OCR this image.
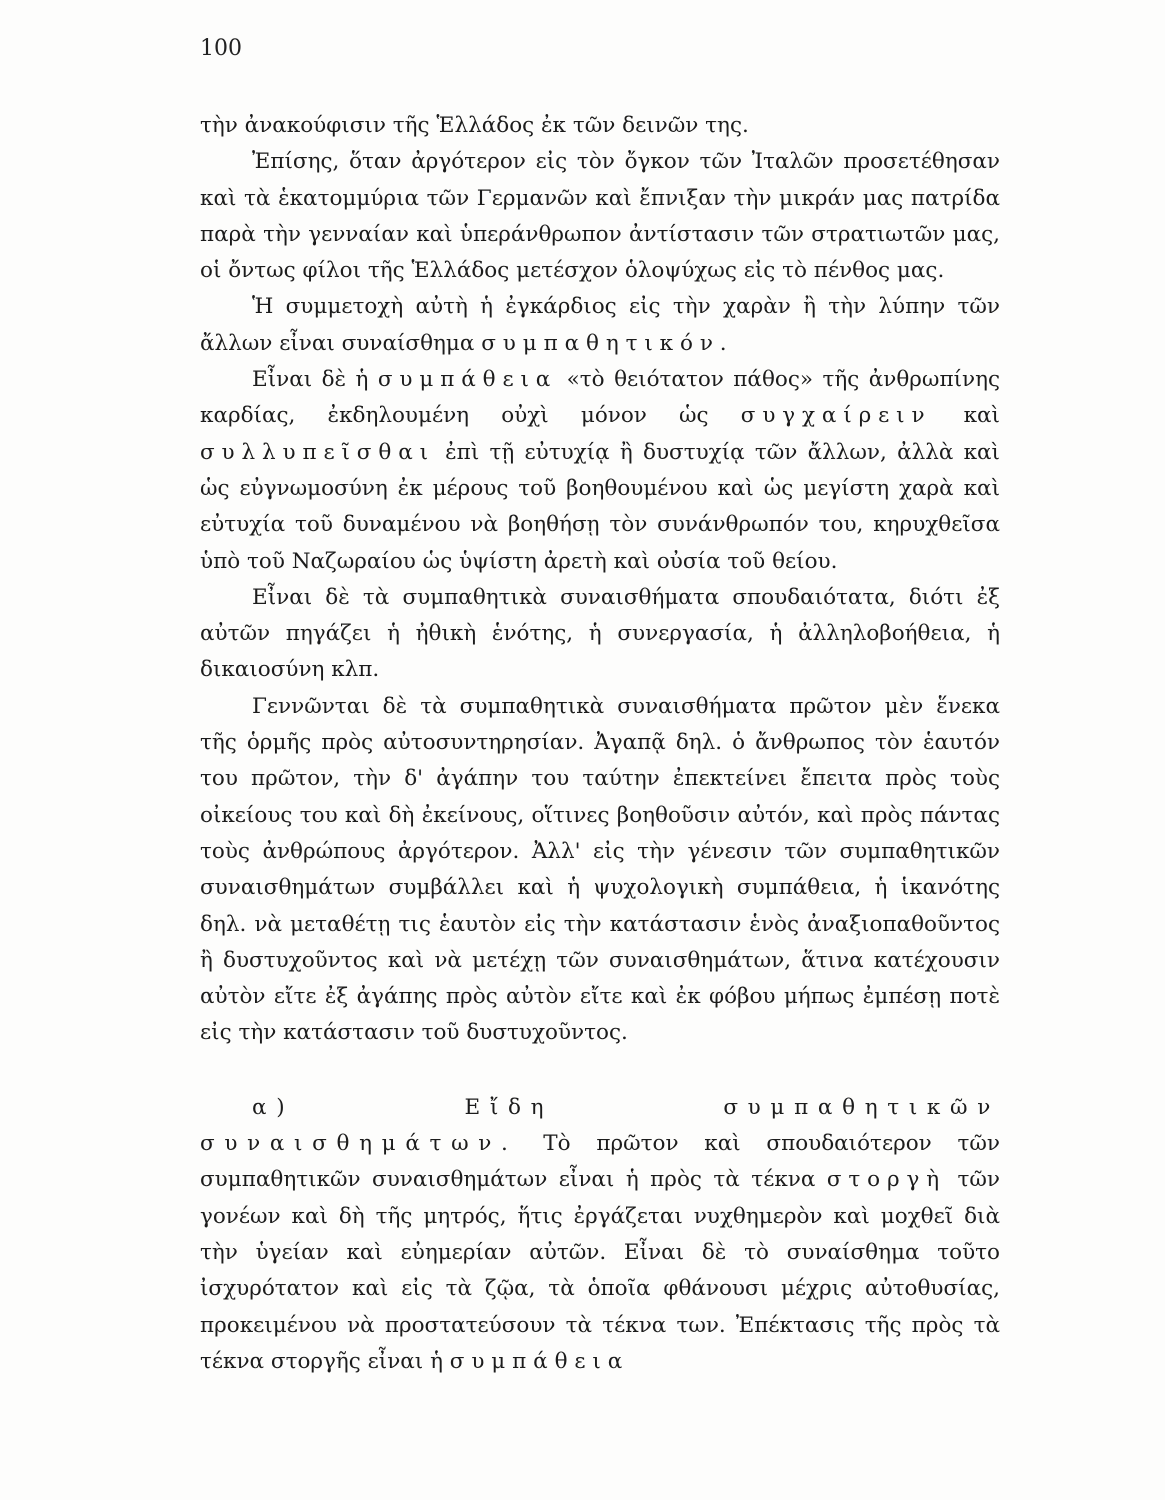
100

τὴν ἀνακούφισιν τῆς Ἑλλάδος ἐκ τῶν δεινῶν της.

Ἐπίσης, ὅταν ἀργότερον εἰς τὸν ὄγκον τῶν Ἰταλῶν προσετέθησαν καὶ τὰ ἑκατομμύρια τῶν Γερμανῶν καὶ ἔπνιξαν τὴν μικράν μας πατρίδα παρὰ τὴν γενναίαν καὶ ὑπεράνθρωπον ἀντίστασιν τῶν στρατιωτῶν μας, οἱ ὄντως φίλοι τῆς Ἑλλάδος μετέσχον ὁλοψύχως εἰς τὸ πένθος μας.

Ἡ συμμετοχὴ αὐτὴ ἡ ἐγκάρδιος εἰς τὴν χαρὰν ἢ τὴν λύπην τῶν ἄλλων εἶναι συναίσθημα συμπαθητικόν.

Εἶναι δὲ ἡ συμπάθεια «τὸ θειότατον πάθος» τῆς ἀνθρωπίνης καρδίας, ἐκδηλουμένη οὐχὶ μόνον ὡς συγχαίρειν καὶ συλλυπεῖσθαι ἐπὶ τῇ εὐτυχίᾳ ἢ δυστυχίᾳ τῶν ἄλλων, ἀλλὰ καὶ ὡς εὐγνωμοσύνη ἐκ μέρους τοῦ βοηθουμένου καὶ ὡς μεγίστη χαρὰ καὶ εὐτυχία τοῦ δυναμένου νὰ βοηθήσῃ τὸν συνάνθρωπόν του, κηρυχθεῖσα ὑπὸ τοῦ Ναζωραίου ὡς ὑψίστη ἀρετὴ καὶ οὐσία τοῦ θείου.

Εἶναι δὲ τὰ συμπαθητικὰ συναισθήματα σπουδαιότατα, διότι ἐξ αὐτῶν πηγάζει ἡ ἠθικὴ ἑνότης, ἡ συνεργασία, ἡ ἀλληλοβοήθεια, ἡ δικαιοσύνη κλπ.

Γεννῶνται δὲ τὰ συμπαθητικὰ συναισθήματα πρῶτον μὲν ἕνεκα τῆς ὁρμῆς πρὸς αὐτοσυντηρησίαν. Ἀγαπᾷ δηλ. ὁ ἄνθρωπος τὸν ἑαυτόν του πρῶτον, τὴν δ' ἀγάπην του ταύτην ἐπεκτείνει ἔπειτα πρὸς τοὺς οἰκείους του καὶ δὴ ἐκείνους, οἵτινες βοηθοῦσιν αὐτόν, καὶ πρὸς πάντας τοὺς ἀνθρώπους ἀργότερον. Ἀλλ' εἰς τὴν γένεσιν τῶν συμπαθητικῶν συναισθημάτων συμβάλλει καὶ ἡ ψυχολογικὴ συμπάθεια, ἡ ἱκανότης δηλ. νὰ μεταθέτῃ τις ἑαυτὸν εἰς τὴν κατάστασιν ἑνὸς ἀναξιοπαθοῦντος ἢ δυστυχοῦντος καὶ νὰ μετέχῃ τῶν συναισθημάτων, ἅτινα κατέχουσιν αὐτὸν εἴτε ἐξ ἀγάπης πρὸς αὐτὸν εἴτε καὶ ἐκ φόβου μήπως ἐμπέσῃ ποτὲ εἰς τὴν κατάστασιν τοῦ δυστυχοῦντος.

α) Εἴδη συμπαθητικῶν συναισθημάτων. Τὸ πρῶτον καὶ σπουδαιότερον τῶν συμπαθητικῶν συναισθημάτων εἶναι ἡ πρὸς τὰ τέκνα στοργὴ τῶν γονέων καὶ δὴ τῆς μητρός, ἥτις ἐργάζεται νυχθημερὸν καὶ μοχθεῖ διὰ τὴν ὑγείαν καὶ εὐημερίαν αὐτῶν. Εἶναι δὲ τὸ συναίσθημα τοῦτο ἰσχυρότατον καὶ εἰς τὰ ζῷα, τὰ ὁποῖα φθάνουσι μέχρις αὐτοθυσίας, προκειμένου νὰ προστατεύσουν τὰ τέκνα των. Ἐπέκτασις τῆς πρὸς τὰ τέκνα στοργῆς εἶναι ἡ συμπάθεια
